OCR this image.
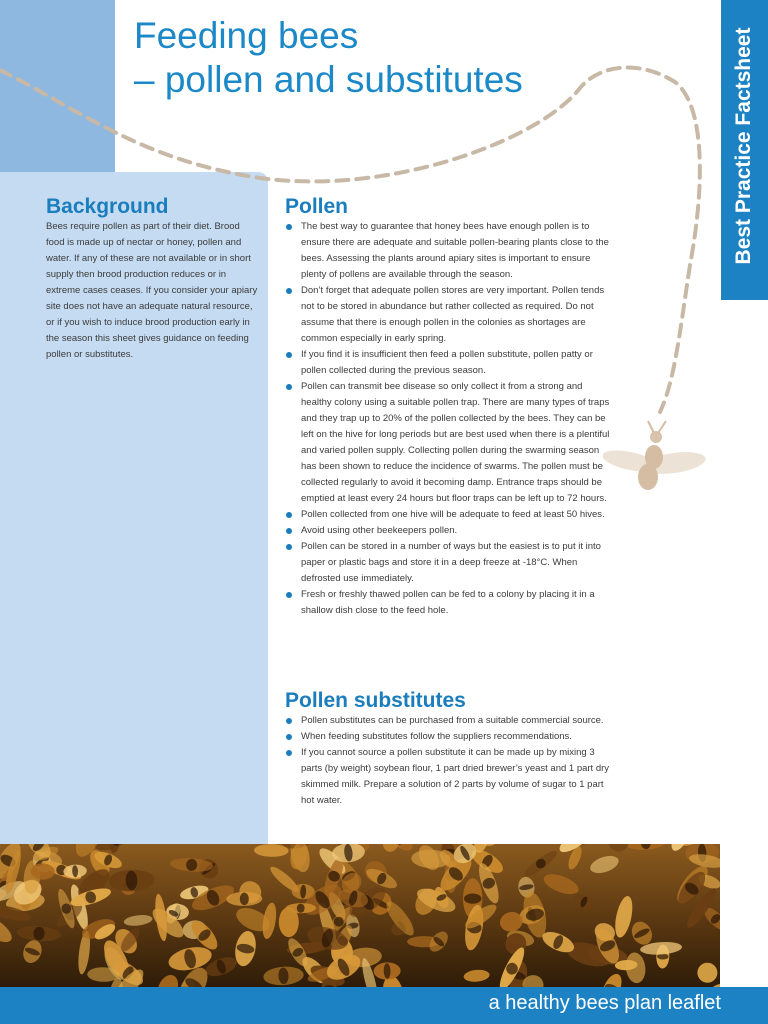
Feeding bees
– pollen and substitutes	Best Practice Factsheet
Background

Bees require pollen as part of their diet. Brood food is made up of nectar or honey, pollen and water. If any of these are not available or in short supply then brood production reduces or in extreme cases ceases. If you consider your apiary site does not have an adequate natural resource, or if you wish to induce brood production early in the season this sheet gives guidance on feeding pollen or substitutes.

Pollen
The best way to guarantee that honey bees have enough pollen is to ensure there are adequate and suitable pollen-bearing plants close to the bees. Assessing the plants around apiary sites is important to ensure plenty of pollens are available through the season.
Don’t forget that adequate pollen stores are very important. Pollen tends not to be stored in abundance but rather collected as required. Do not assume that there is enough pollen in the colonies as shortages are common especially in early spring.
If you find it is insufficient then feed a pollen substitute, pollen patty or pollen collected during the previous season.
Pollen can transmit bee disease so only collect it from a strong and healthy colony using a suitable pollen trap. There are many types of traps and they trap up to 20% of the pollen collected by the bees. They can be left on the hive for long periods but are best used when there is a plentiful and varied pollen supply. Collecting pollen during the swarming season has been shown to reduce the incidence of swarms. The pollen must be collected regularly to avoid it becoming damp. Entrance traps should be emptied at least every 24 hours but floor traps can be left up to 72 hours.
Pollen collected from one hive will be adequate to feed at least 50 hives.
Avoid using other beekeepers pollen.
Pollen can be stored in a number of ways but the easiest is to put it into paper or plastic bags and store it in a deep freeze at -18°C. When defrosted use immediately.
Fresh or freshly thawed pollen can be fed to a colony by placing it in a shallow dish close to the feed hole.
Pollen substitutes
Pollen substitutes can be purchased from a suitable commercial source.
When feeding substitutes follow the suppliers recommendations.
If you cannot source a pollen substitute it can be made up by mixing 3 parts (by weight) soybean flour, 1 part dried brewer’s yeast and 1 part dry skimmed milk. Prepare a solution of 2 parts by volume of sugar to 1 part hot water.
a healthy bees plan leaflet
